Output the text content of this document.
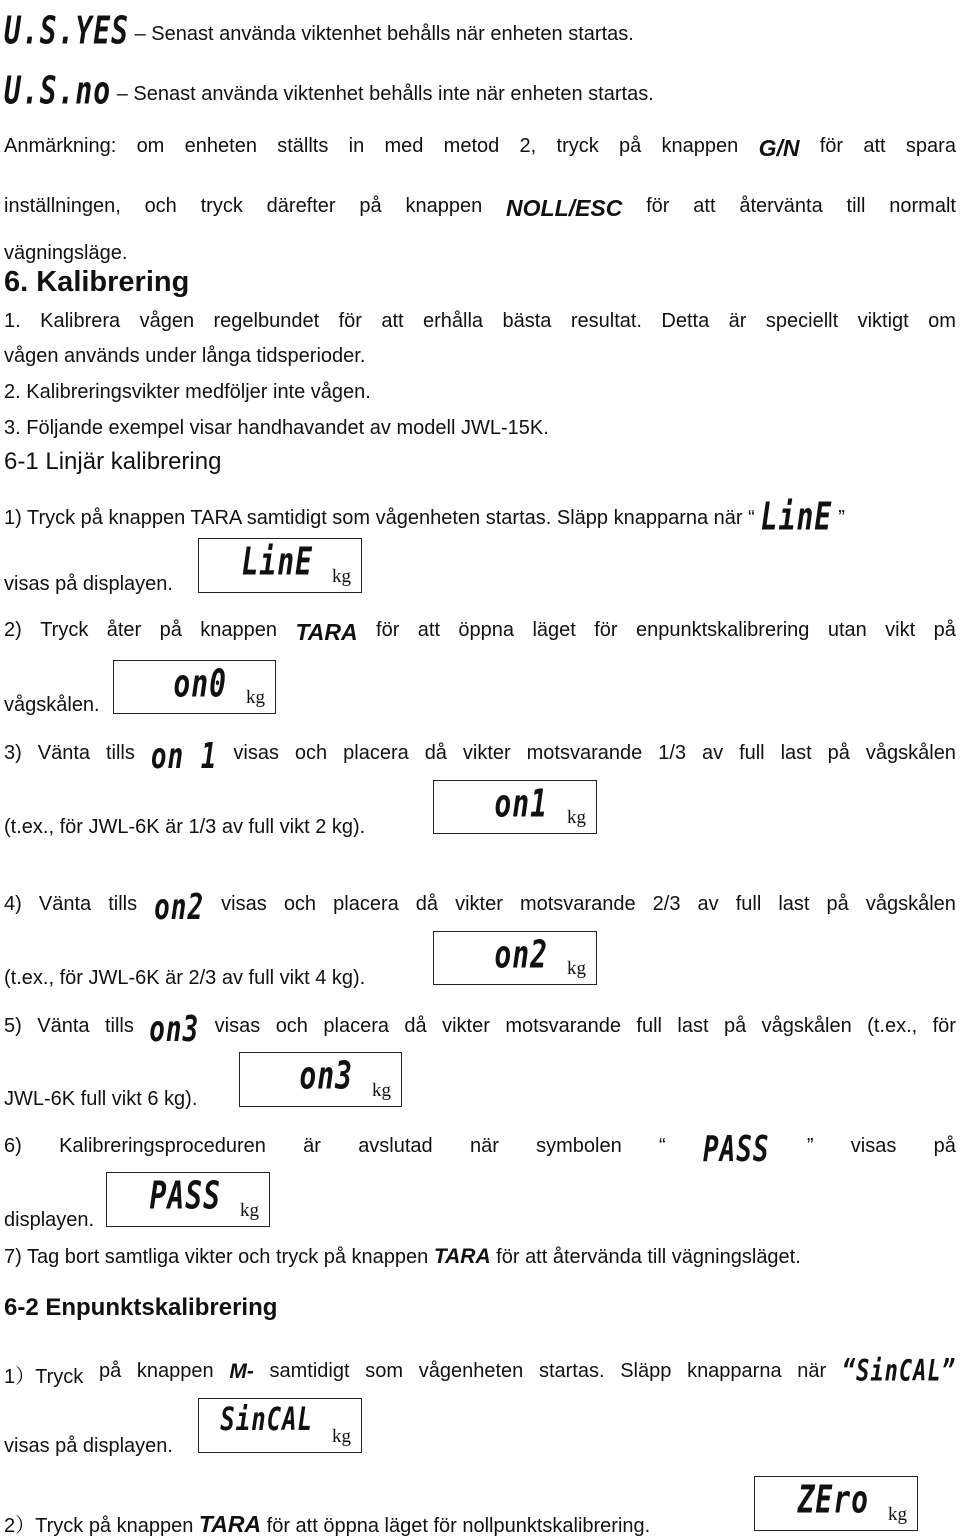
U.S.YES – Senast använda viktenhet behålls när enheten startas.
U.S.no – Senast använda viktenhet behålls inte när enheten startas.
Anmärkning: om enheten ställts in med metod 2, tryck på knappen G/N för att spara
inställningen, och tryck därefter på knappen NOLL/ESC för att återvänta till normalt
vägningsläge.
6. Kalibrering
1. Kalibrera vågen regelbundet för att erhålla bästa resultat. Detta är speciellt viktigt om
vågen används under långa tidsperioder.
2. Kalibreringsvikter medföljer inte vågen.
3. Följande exempel visar handhavandet av modell JWL-15K.
6-1 Linjär kalibrering
1) Tryck på knappen TARA samtidigt som vågenheten startas. Släpp knapparna när “ LinE ”
visas på displayen.
LinE kg
2) Tryck åter på knappen TARA för att öppna läget för enpunktskalibrering utan vikt på
vågskålen.	on0 kg
3) Vänta tills on 1 visas och placera då vikter motsvarande 1/3 av full last på vågskålen
(t.ex., för JWL-6K är 1/3 av full vikt 2 kg).
on1 kg
4) Vänta tills on2 visas och placera då vikter motsvarande 2/3 av full last på vågskålen
(t.ex., för JWL-6K är 2/3 av full vikt 4 kg).
on2 kg
5) Vänta tills on3 visas och placera då vikter motsvarande full last på vågskålen (t.ex., för
JWL-6K full vikt 6 kg).
on3 kg
6) Kalibreringsproceduren är avslutad när symbolen “ PASS ” visas på
displayen.
PASS kg
7) Tag bort samtliga vikter och tryck på knappen TARA för att återvända till vägningsläget.
6-2 Enpunktskalibrering
1）Tryck på knappen M- samtidigt som vågenheten startas. Släpp knapparna när “SinCAL”
visas på displayen.
SinCAL kg
2）Tryck på knappen TARA för att öppna läget för nollpunktskalibrering.
ZEro kg
